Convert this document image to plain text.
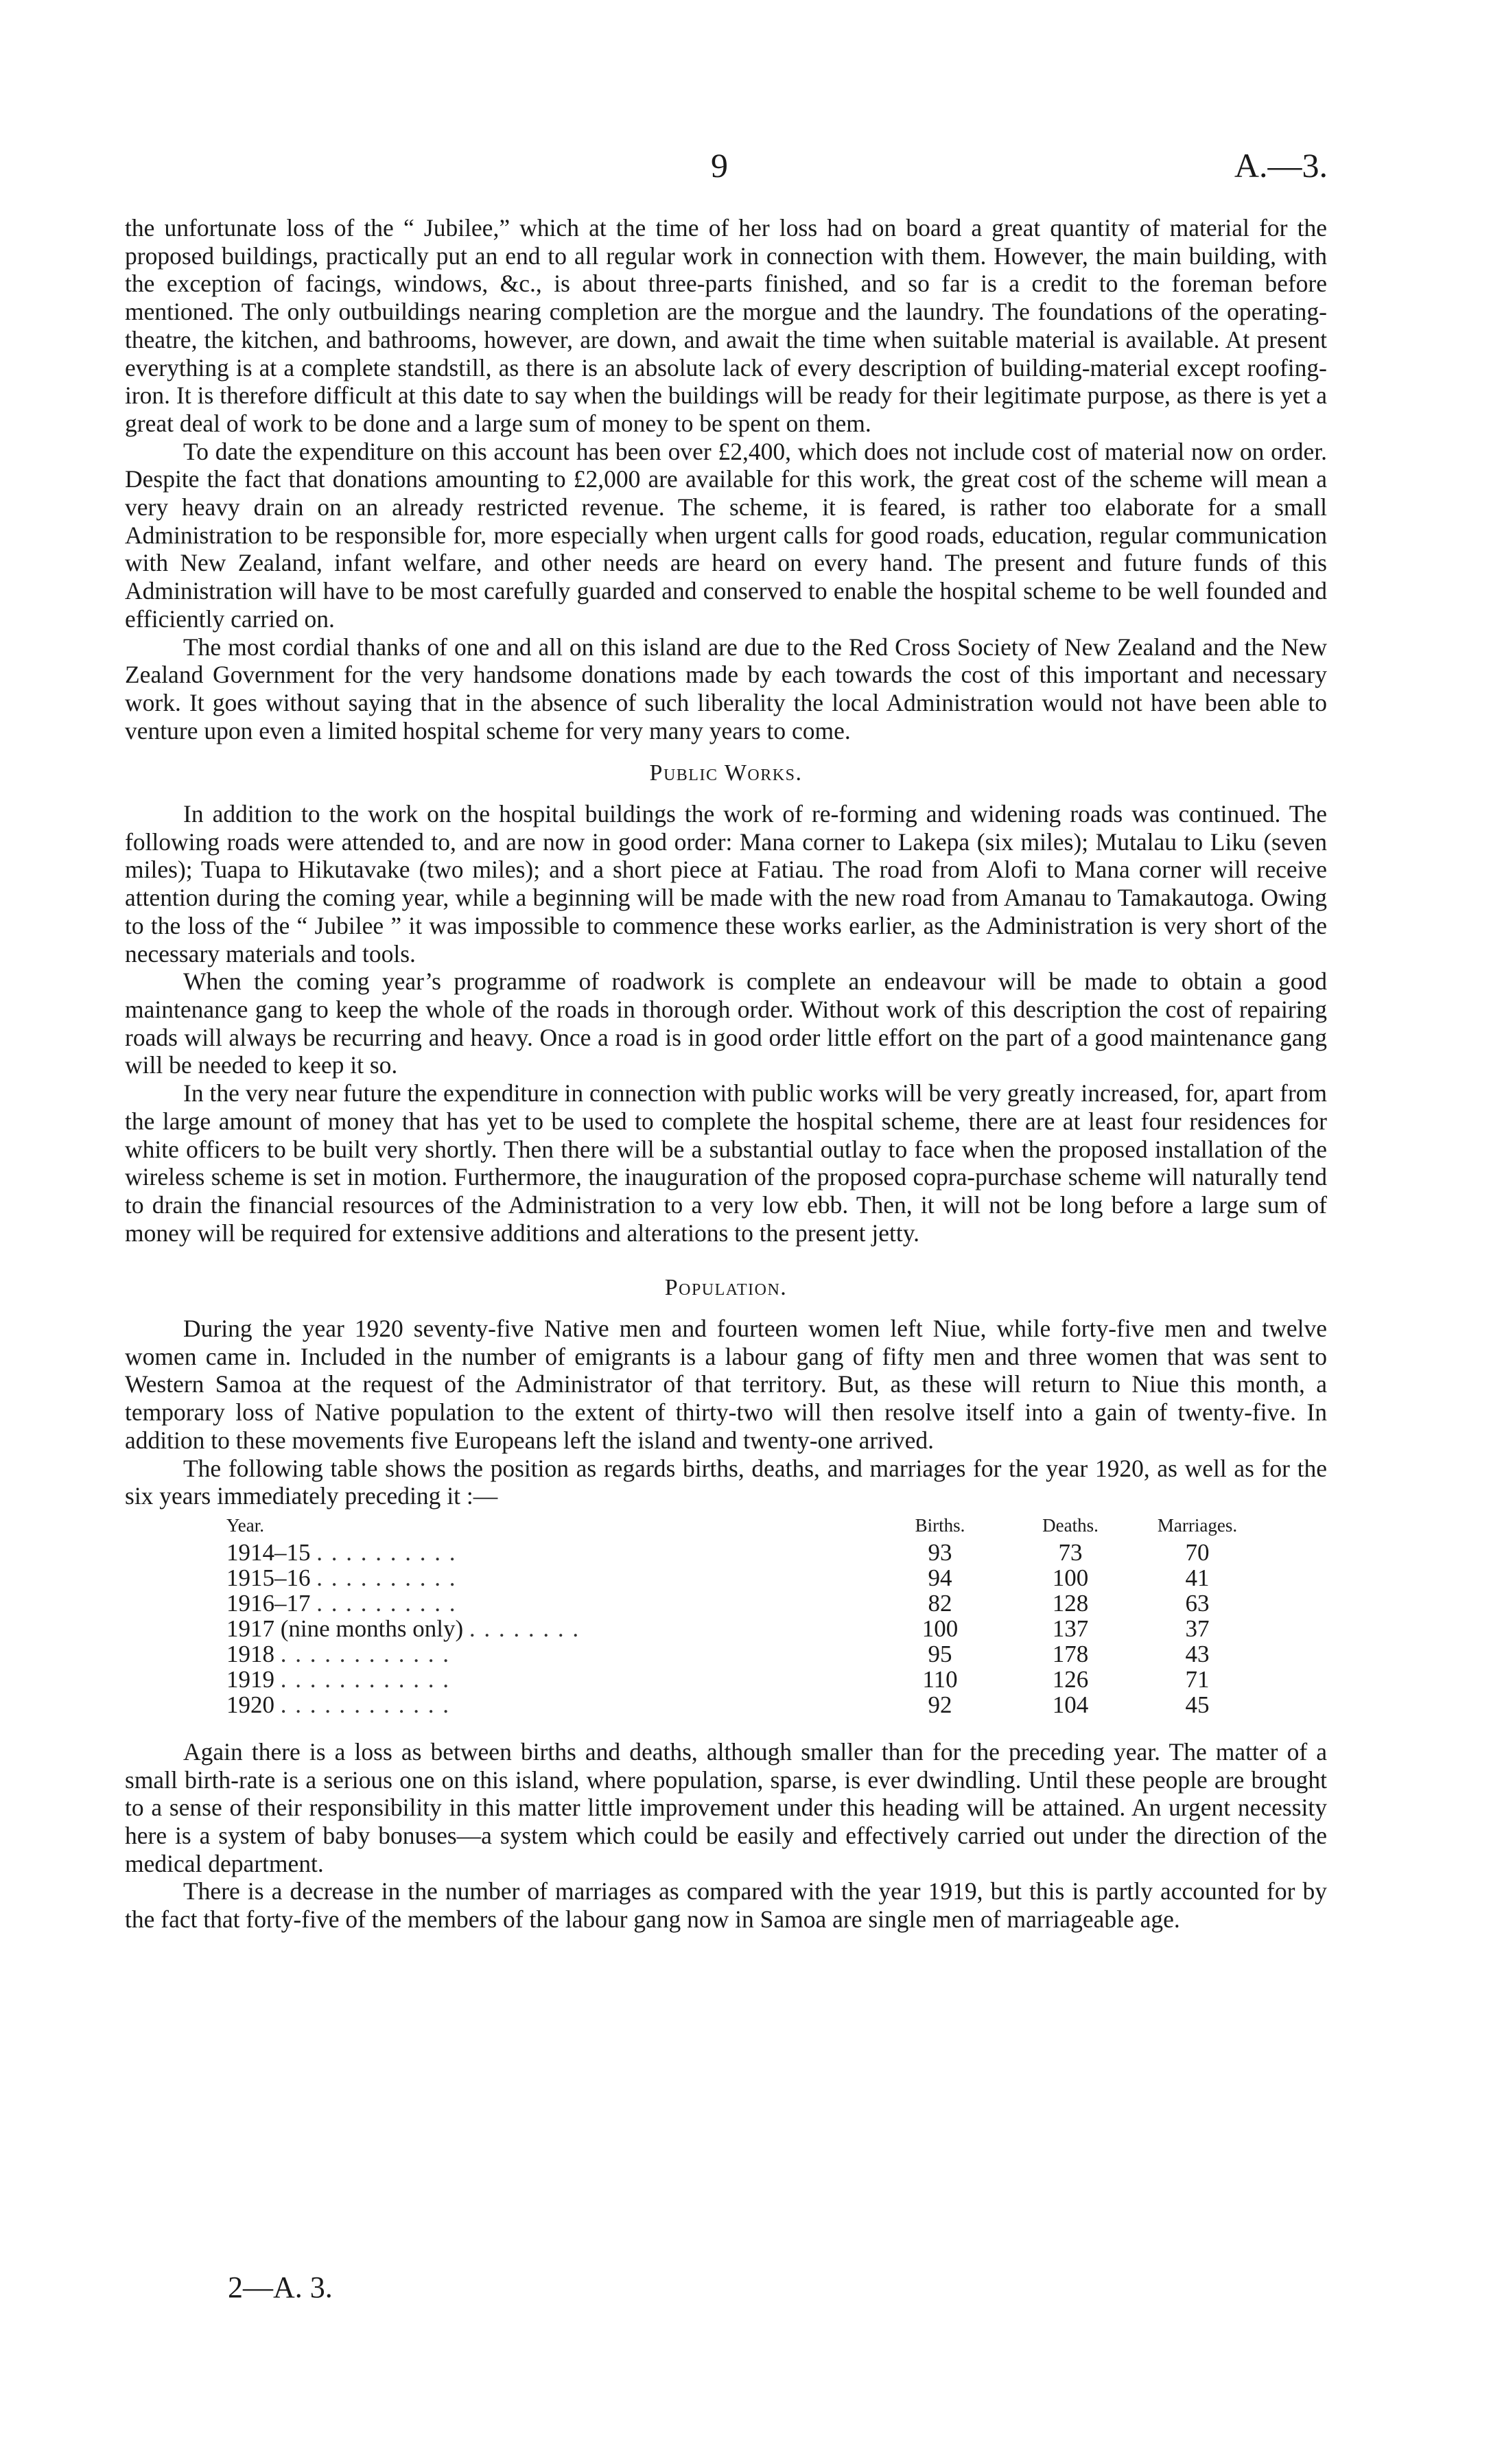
9	A.—3.

the unfortunate loss of the “ Jubilee,” which at the time of her loss had on board a great quantity of material for the proposed buildings, practically put an end to all regular work in connection with them. However, the main building, with the exception of facings, windows, &c., is about three-parts finished, and so far is a credit to the foreman before mentioned. The only outbuildings nearing completion are the morgue and the laundry. The foundations of the operating-theatre, the kitchen, and bathrooms, however, are down, and await the time when suitable material is available. At present everything is at a complete standstill, as there is an absolute lack of every description of building-material except roofing-iron. It is therefore difficult at this date to say when the buildings will be ready for their legitimate purpose, as there is yet a great deal of work to be done and a large sum of money to be spent on them.

To date the expenditure on this account has been over £2,400, which does not include cost of material now on order. Despite the fact that donations amounting to £2,000 are available for this work, the great cost of the scheme will mean a very heavy drain on an already restricted revenue. The scheme, it is feared, is rather too elaborate for a small Administration to be responsible for, more especially when urgent calls for good roads, education, regular communication with New Zealand, infant welfare, and other needs are heard on every hand. The present and future funds of this Administration will have to be most carefully guarded and conserved to enable the hospital scheme to be well founded and efficiently carried on.

The most cordial thanks of one and all on this island are due to the Red Cross Society of New Zealand and the New Zealand Government for the very handsome donations made by each towards the cost of this important and necessary work. It goes without saying that in the absence of such liberality the local Administration would not have been able to venture upon even a limited hospital scheme for very many years to come.

Public Works.

In addition to the work on the hospital buildings the work of re-forming and widening roads was continued. The following roads were attended to, and are now in good order: Mana corner to Lakepa (six miles); Mutalau to Liku (seven miles); Tuapa to Hikutavake (two miles); and a short piece at Fatiau. The road from Alofi to Mana corner will receive attention during the coming year, while a beginning will be made with the new road from Amanau to Tamakautoga. Owing to the loss of the “ Jubilee ” it was impossible to commence these works earlier, as the Administration is very short of the necessary materials and tools.

When the coming year’s programme of roadwork is complete an endeavour will be made to obtain a good maintenance gang to keep the whole of the roads in thorough order. Without work of this description the cost of repairing roads will always be recurring and heavy. Once a road is in good order little effort on the part of a good maintenance gang will be needed to keep it so.

In the very near future the expenditure in connection with public works will be very greatly increased, for, apart from the large amount of money that has yet to be used to complete the hospital scheme, there are at least four residences for white officers to be built very shortly. Then there will be a substantial outlay to face when the proposed installation of the wireless scheme is set in motion. Furthermore, the inauguration of the proposed copra-purchase scheme will naturally tend to drain the financial resources of the Administration to a very low ebb. Then, it will not be long before a large sum of money will be required for extensive additions and alterations to the present jetty.

Population.

During the year 1920 seventy-five Native men and fourteen women left Niue, while forty-five men and twelve women came in. Included in the number of emigrants is a labour gang of fifty men and three women that was sent to Western Samoa at the request of the Administrator of that territory. But, as these will return to Niue this month, a temporary loss of Native population to the extent of thirty-two will then resolve itself into a gain of twenty-five. In addition to these movements five Europeans left the island and twenty-one arrived.

The following table shows the position as regards births, deaths, and marriages for the year 1920, as well as for the six years immediately preceding it :—

Year.	Births.	Deaths.	Marriages.
1914–15 . . . . . . . . . .	93	73	70
1915–16 . . . . . . . . . .	94	100	41
1916–17 . . . . . . . . . .	82	128	63
1917 (nine months only) . . . . . . . .	100	137	37
1918 . . . . . . . . . . . .	95	178	43
1919 . . . . . . . . . . . .	110	126	71
1920 . . . . . . . . . . . .	92	104	45

Again there is a loss as between births and deaths, although smaller than for the preceding year. The matter of a small birth-rate is a serious one on this island, where population, sparse, is ever dwindling. Until these people are brought to a sense of their responsibility in this matter little improvement under this heading will be attained. An urgent necessity here is a system of baby bonuses—a system which could be easily and effectively carried out under the direction of the medical department.

There is a decrease in the number of marriages as compared with the year 1919, but this is partly accounted for by the fact that forty-five of the members of the labour gang now in Samoa are single men of marriageable age.

2—A. 3.
